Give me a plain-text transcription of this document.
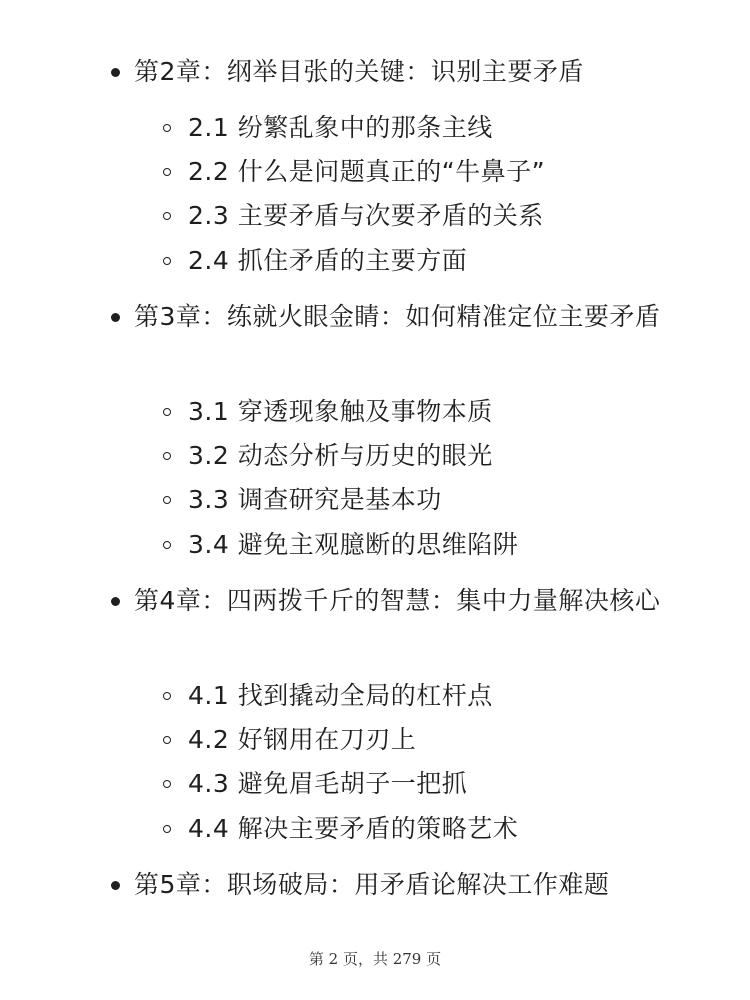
第2章：纲举目张的关键：识别主要矛盾
2.1 纷繁乱象中的那条主线
2.2 什么是问题真正的“牛鼻子”
2.3 主要矛盾与次要矛盾的关系
2.4 抓住矛盾的主要方面
第3章：练就火眼金睛：如何精准定位主要矛盾
3.1 穿透现象触及事物本质
3.2 动态分析与历史的眼光
3.3 调查研究是基本功
3.4 避免主观臆断的思维陷阱
第4章：四两拨千斤的智慧：集中力量解决核心
4.1 找到撬动全局的杠杆点
4.2 好钢用在刀刃上
4.3 避免眉毛胡子一把抓
4.4 解决主要矛盾的策略艺术
第5章：职场破局：用矛盾论解决工作难题
第 2 页，共 279 页
